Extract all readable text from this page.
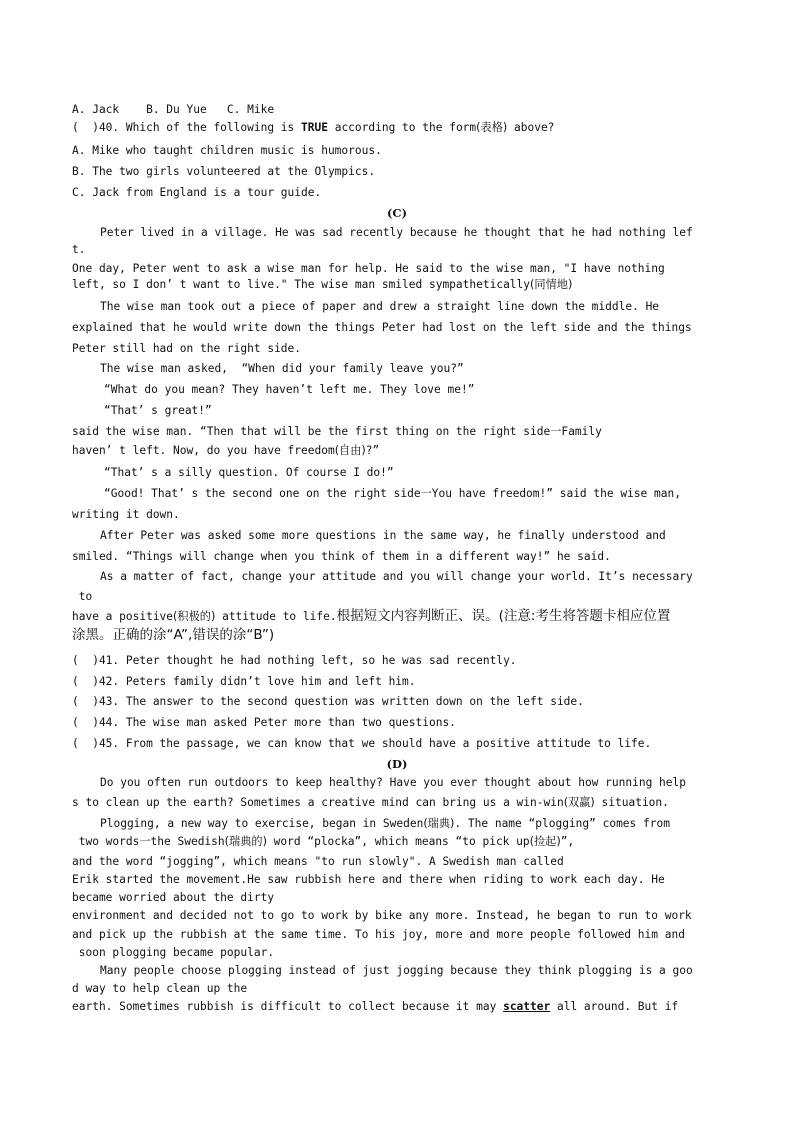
A. Jack    B. Du Yue   C. Mike
(  )40. Which of the following is TRUE according to the form(表格) above?
A. Mike who taught children music is humorous.
B. The two girls volunteered at the Olympics.
C. Jack from England is a tour guide.
(C)
Peter lived in a village. He was sad recently because he thought that he had nothing lef
t.
One day, Peter went to ask a wise man for help. He said to the wise man, "I have nothing
left, so I don’ t want to live." The wise man smiled sympathetically(同情地)
The wise man took out a piece of paper and drew a straight line down the middle. He
explained that he would write down the things Peter had lost on the left side and the things
Peter still had on the right side.
The wise man asked,  “When did your family leave you?”
“What do you mean? They haven’t left me. They love me!”
“That’ s great!”
said the wise man. “Then that will be the first thing on the right side一Family
haven’ t left. Now, do you have freedom(自由)?”
“That’ s a silly question. Of course I do!”
“Good! That’ s the second one on the right side一You have freedom!” said the wise man,
writing it down.
After Peter was asked some more questions in the same way, he finally understood and
smiled. “Things will change when you think of them in a different way!” he said.
As a matter of fact, change your attitude and you will change your world. It’s necessary
to
have a positive(积极的) attitude to life.根据短文内容判断正、误。(注意:考生将答题卡相应位置
涂黑。正确的涂“A”,错误的涂“B”)
(  )41. Peter thought he had nothing left, so he was sad recently.
(  )42. Peters family didn’t love him and left him.
(  )43. The answer to the second question was written down on the left side.
(  )44. The wise man asked Peter more than two questions.
(  )45. From the passage, we can know that we should have a positive attitude to life.
(D)
Do you often run outdoors to keep healthy? Have you ever thought about how running help
s to clean up the earth? Sometimes a creative mind can bring us a win-win(双赢) situation.
Plogging, a new way to exercise, began in Sweden(瑞典). The name “plogging” comes from
two words一the Swedish(瑞典的) word “plocka”, which means “to pick up(捡起)”,
and the word “jogging”, which means "to run slowly". A Swedish man called
Erik started the movement.He saw rubbish here and there when riding to work each day. He
became worried about the dirty
environment and decided not to go to work by bike any more. Instead, he began to run to work
and pick up the rubbish at the same time. To his joy, more and more people followed him and
soon plogging became popular.
Many people choose plogging instead of just jogging because they think plogging is a goo
d way to help clean up the
earth. Sometimes rubbish is difficult to collect because it may scatter all around. But if
